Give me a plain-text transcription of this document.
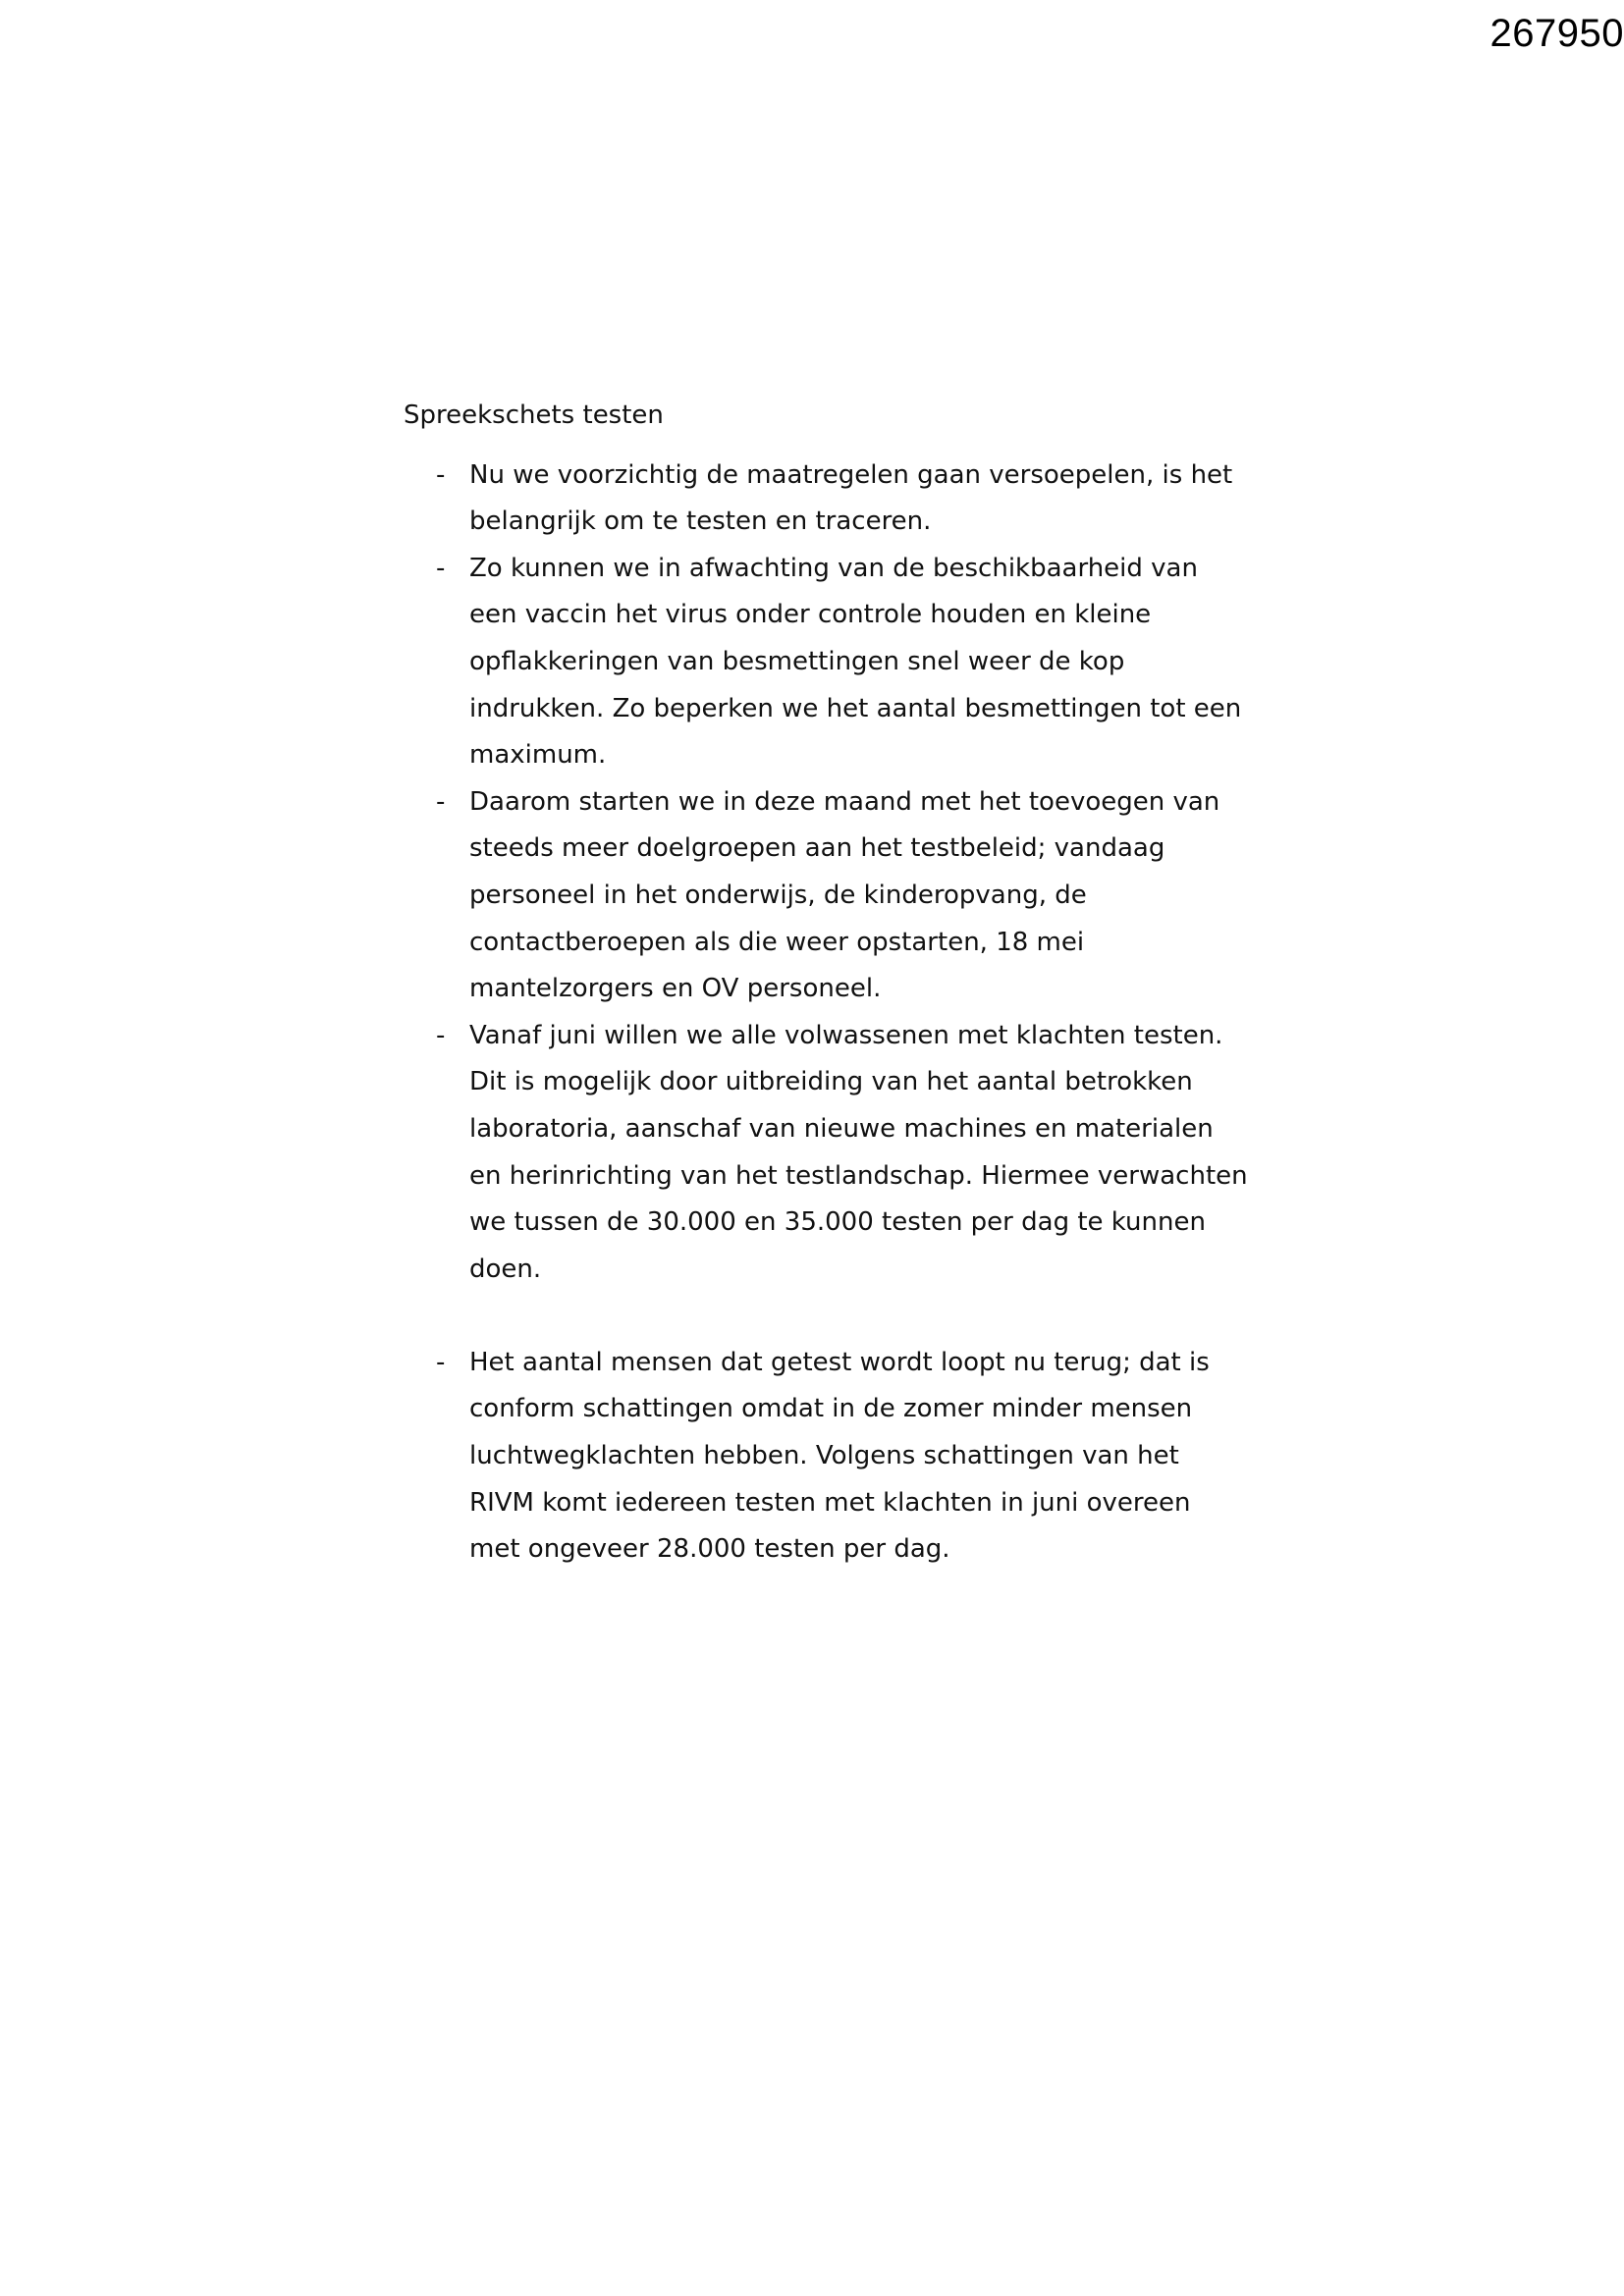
267950
Spreekschets testen
- Nu we voorzichtig de maatregelen gaan versoepelen, is het belangrijk om te testen en traceren.
- Zo kunnen we in afwachting van de beschikbaarheid van een vaccin het virus onder controle houden en kleine opflakkeringen van besmettingen snel weer de kop indrukken. Zo beperken we het aantal besmettingen tot een maximum.
- Daarom starten we in deze maand met het toevoegen van steeds meer doelgroepen aan het testbeleid; vandaag personeel in het onderwijs, de kinderopvang, de contactberoepen als die weer opstarten, 18 mei mantelzorgers en OV personeel.
- Vanaf juni willen we alle volwassenen met klachten testen. Dit is mogelijk door uitbreiding van het aantal betrokken laboratoria, aanschaf van nieuwe machines en materialen en herinrichting van het testlandschap. Hiermee verwachten we tussen de 30.000 en 35.000 testen per dag te kunnen doen.
- Het aantal mensen dat getest wordt loopt nu terug; dat is conform schattingen omdat in de zomer minder mensen luchtwegklachten hebben. Volgens schattingen van het RIVM komt iedereen testen met klachten in juni overeen met ongeveer 28.000 testen per dag.
